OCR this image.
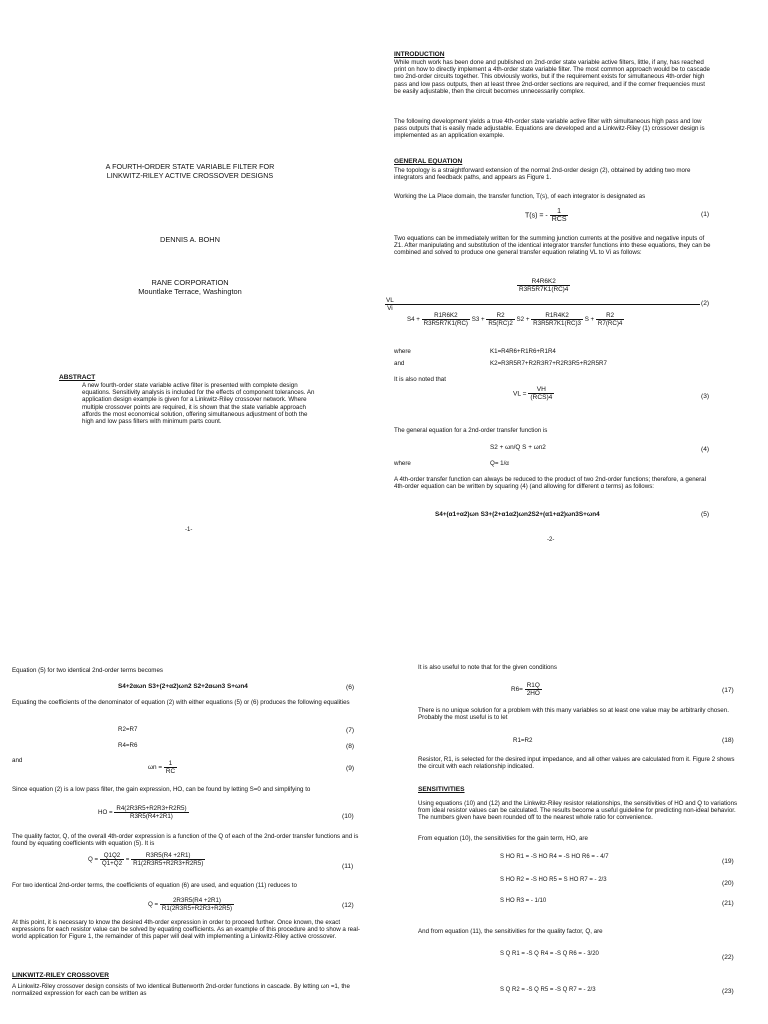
A FOURTH-ORDER STATE VARIABLE FILTER FOR
LINKWITZ-RILEY ACTIVE CROSSOVER DESIGNS
DENNIS A. BOHN
RANE CORPORATION
Mountlake Terrace, Washington
ABSTRACT
A new fourth-order state variable active filter is presented with complete design equations. Sensitivity analysis is included for the effects of component tolerances. An application design example is given for a Linkwitz-Riley crossover network. Where multiple crossover points are required, it is shown that the state variable approach affords the most economical solution, offering simultaneous adjustment of both the high and low pass filters with minimum parts count.
-1-
INTRODUCTION
While much work has been done and published on 2nd-order state variable active filters, little, if any, has reached print on how to directly implement a 4th-order state variable filter. The most common approach would be to cascade two 2nd-order circuits together. This obviously works, but if the requirement exists for simultaneous 4th-order high pass and low pass outputs, then at least three 2nd-order sections are required, and if the corner frequencies must be easily adjustable, then the circuit becomes unnecessarily complex.
The following development yields a true 4th-order state variable active filter with simultaneous high pass and low pass outputs that is easily made adjustable. Equations are developed and a Linkwitz-Riley (1) crossover design is implemented as an application example.
GENERAL EQUATION
The topology is a straightforward extension of the normal 2nd-order design (2), obtained by adding two more integrators and feedback paths, and appears as Figure 1.
Working the La Place domain, the transfer function, T(s), of each integrator is designated as
T(s) = - $\frac{1}{\text{RCS}}$	(1)
Two equations can be immediately written for the summing junction currents at the positive and negative inputs of Z1. After manipulating and substitution of the identical integrator transfer functions into these equations, they can be combined and solved to produce one general transfer equation relating VL to Vi as follows:
$\frac{R4R6K2}{R3R5R7K1(RC)4}$
$\frac{VL}{Vi}$	(2)
$S4 + \frac{R1R6K2}{R3R5R7K1(RC)} S3 + \frac{R2}{R5(RC)2} S2 + \frac{R1R4K2}{R3R5R7K1(RC)3}$ $S + \frac{R2}{R7(RC)4}$
where	K1=R4R6+R1R6+R1R4
and	K2=R3R5R7+R2R3R7+R2R3R5+R2R5R7
It is also noted that
VL = $\frac{VH}{\text{(RCS)4}}$	(3)
The general equation for a 2nd-order transfer function is
S2 + ωn/Q S + ωn2	(4)
where	Q= 1/α
A 4th-order transfer function can always be reduced to the product of two 2nd-order functions; therefore, a general 4th-order equation can be written by squaring (4) (and allowing for different α terms) as follows:
S4+(α1+α2)ωn S3+(2+α1α2)ωn2S2+(α1+α2)ωn3S+ωn4	(5)
-2-
Equation (5) for two identical 2nd-order terms becomes
S4+2αωn S3+(2+α2)ωn2 S2+2αωn3 S+ωn4	(6)
Equating the coefficients of the denominator of equation (2) with either equations (5) or (6) produces the following equalities
R2=R7	(7)
R4=R6	(8)
and
$\omega n = \frac{1}{RC}$	(9)
Since equation (2) is a low pass filter, the gain expression, HO, can be found by letting S=0 and simplifying to
HO = $\frac{R4(2R3R5+R2R3+R2R5)}{R3R5(R4+2R1)}$	(10)
The quality factor, Q, of the overall 4th-order expression is a function of the Q of each of the 2nd-order transfer functions and is found by equating coefficients with equation (5). It is
$Q = \frac{Q1Q2}{Q1+Q2} = \frac{R3R5(R4 +2R1)}{R1(2R3R5+R2R3+R2R5)}$	(11)
For two identical 2nd-order terms, the coefficients of equation (6) are used, and equation (11) reduces to
$Q = \frac{2R3R5(R4 +2R1)}{R1(2R3R5+R2R3+R2R5)}$	(12)
At this point, it is necessary to know the desired 4th-order expression in order to proceed further. Once known, the exact expressions for each resistor value can be solved by equating coefficients. As an example of this procedure and to show a real-world application for Figure 1, the remainder of this paper will deal with implementing a Linkwitz-Riley active crossover.
LINKWITZ-RILEY CROSSOVER
A Linkwitz-Riley crossover design consists of two identical Butterworth 2nd-order functions in cascade. By letting ωn =1, the normalized expression for each can be written as
It is also useful to note that for the given conditions
$R6= \frac{R1Q}{2HO}$	(17)
There is no unique solution for a problem with this many variables so at least one value may be arbitrarily chosen. Probably the most useful is to let
R1=R2	(18)
Resistor, R1, is selected for the desired input impedance, and all other values are calculated from it. Figure 2 shows the circuit with each relationship indicated.
SENSITIVITIES
Using equations (10) and (12) and the Linkwitz-Riley resistor relationships, the sensitivities of HO and Q to variations from ideal resistor values can be calculated. The results become a useful guideline for predicting non-ideal behavior. The numbers given have been rounded off to the nearest whole ratio for convenience.
From equation (10), the sensitivities for the gain term, HO, are
S HO R1 = -S HO R4 = -S HO R6 = - 4/7
(19)
S HO R2 = -S HO R5 = S HO R7 = - 2/3	(20)
S HO R3 = - 1/10	(21)
And from equation (11), the sensitivities for the quality factor, Q, are
S Q R1 = -S Q R4 = -S Q R6 = - 3/20	(22)
S Q R2 = -S Q R5 = -S Q R7 = - 2/3	(23)
